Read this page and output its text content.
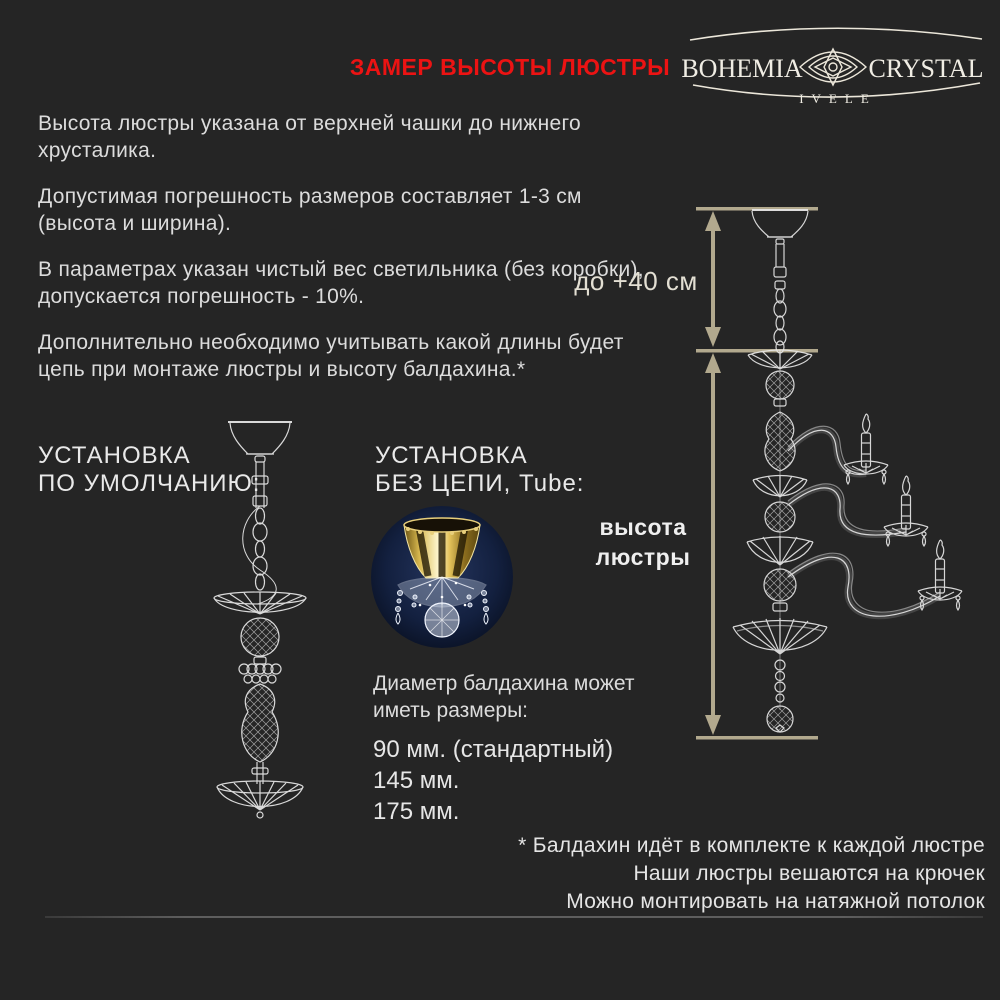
ЗАМЕР ВЫСОТЫ ЛЮСТРЫ BOHEMIA	CRYSTAL
IVELE

Высота люстры указана от верхней чашки до нижнего хрусталика.

Допустимая погрешность размеров составляет 1-3 см (высота и ширина).

В параметрах указан чистый вес светильника (без коробки), допускается погрешность - 10%.

Дополнительно необходимо учитывать какой длины будет цепь при монтаже люстры и высоту балдахина.*

до +40 см
высота
люстры
УСТАНОВКА
ПО УМОЛЧАНИЮ:
УСТАНОВКА
БЕЗ ЦЕПИ, Tube:
Диаметр балдахина может
иметь размеры:
90 мм. (стандартный)
145 мм.
175 мм.
* Балдахин идёт в комплекте к каждой люстре
Наши люстры вешаются на крючек
Можно монтировать на натяжной потолок
